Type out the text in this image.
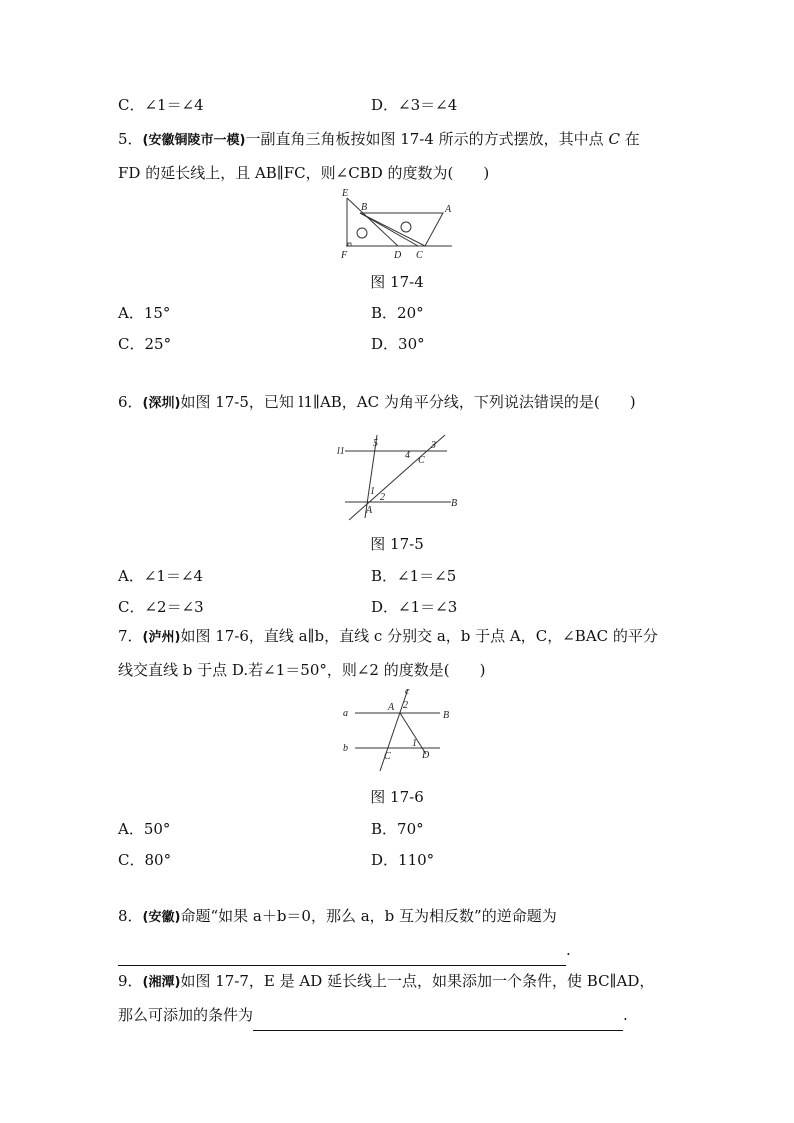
C．∠1＝∠4	D．∠3＝∠4
5．(安徽铜陵市一模)一副直角三角板按如图 17-4 所示的方式摆放，其中点 C 在
FD 的延长线上，且 AB∥FC，则∠CBD 的度数为(　　)
E
B	A
F	D C
图 17-4
A．15°	B．20°
C．25°	D．30°
6．(深圳)如图 17-5，已知 l1∥AB，AC 为角平分线，下列说法错误的是(　　)
l1
5	3
4 C
1
2
A
B
图 17-5
A．∠1＝∠4	B．∠1＝∠5
C．∠2＝∠3	D．∠1＝∠3
7．(泸州)如图 17-6，直线 a∥b，直线 c 分别交 a，b 于点 A，C，∠BAC 的平分
线交直线 b 于点 D.若∠1＝50°，则∠2 的度数是(　　)
c
a
A 2
B
b	1
C	D
图 17-6
A．50°	B．70°
C．80°	D．110°
8．(安徽)命题“如果 a＋b＝0，那么 a，b 互为相反数”的逆命题为
.
9．(湘潭)如图 17-7，E 是 AD 延长线上一点，如果添加一个条件，使 BC∥AD，
那么可添加的条件为	.
